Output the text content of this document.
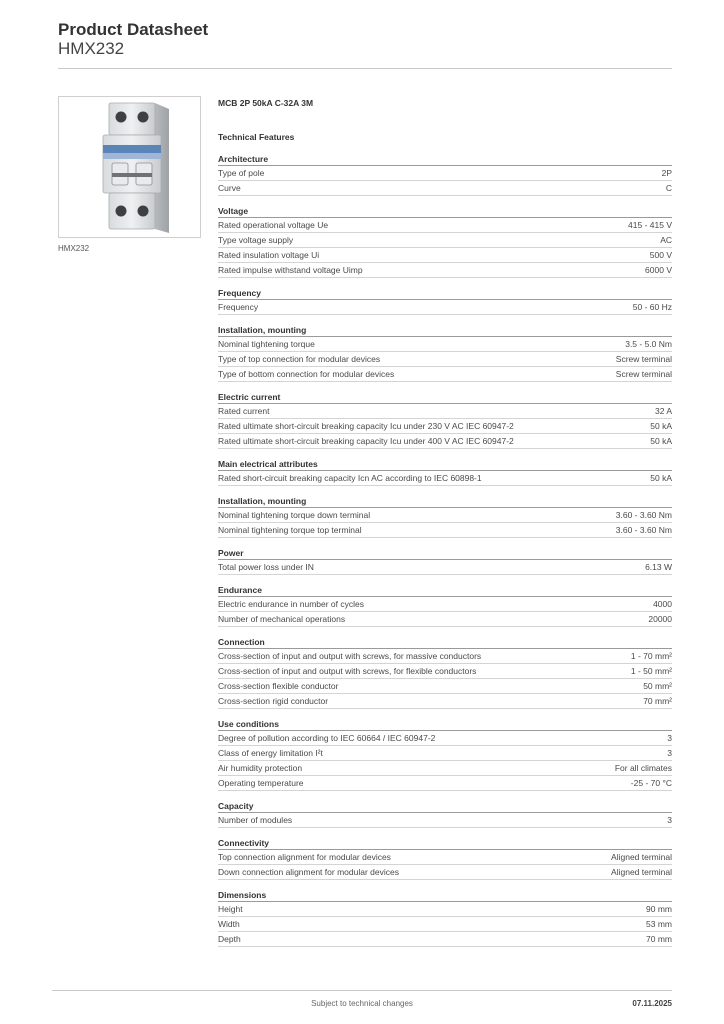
Product Datasheet
HMX232
HMX232
MCB 2P 50kA C-32A 3M
Technical Features
Architecture
Type of pole	2P
Curve	C
Voltage
Rated operational voltage Ue	415 - 415 V
Type voltage supply	AC
Rated insulation voltage Ui	500 V
Rated impulse withstand voltage Uimp	6000 V
Frequency
Frequency	50 - 60 Hz
Installation, mounting
Nominal tightening torque	3.5 - 5.0 Nm
Type of top connection for modular devices	Screw terminal
Type of bottom connection for modular devices	Screw terminal
Electric current
Rated current	32 A
Rated ultimate short-circuit breaking capacity Icu under 230 V AC IEC 60947-2	50 kA
Rated ultimate short-circuit breaking capacity Icu under 400 V AC IEC 60947-2	50 kA
Main electrical attributes
Rated short-circuit breaking capacity Icn AC according to IEC 60898-1	50 kA
Installation, mounting
Nominal tightening torque down terminal	3.60 - 3.60 Nm
Nominal tightening torque top terminal	3.60 - 3.60 Nm
Power
Total power loss under IN	6.13 W
Endurance
Electric endurance in number of cycles	4000
Number of mechanical operations	20000
Connection
Cross-section of input and output with screws, for massive conductors	1 - 70 mm²
Cross-section of input and output with screws, for flexible conductors	1 - 50 mm²
Cross-section flexible conductor	50 mm²
Cross-section rigid conductor	70 mm²
Use conditions
Degree of pollution according to IEC 60664 / IEC 60947-2	3
Class of energy limitation I²t	3
Air humidity protection	For all climates
Operating temperature	-25 - 70 °C
Capacity
Number of modules	3
Connectivity
Top connection alignment for modular devices	Aligned terminal
Down connection alignment for modular devices	Aligned terminal
Dimensions
Height	90 mm
Width	53 mm
Depth	70 mm
Subject to technical changes	07.11.2025
